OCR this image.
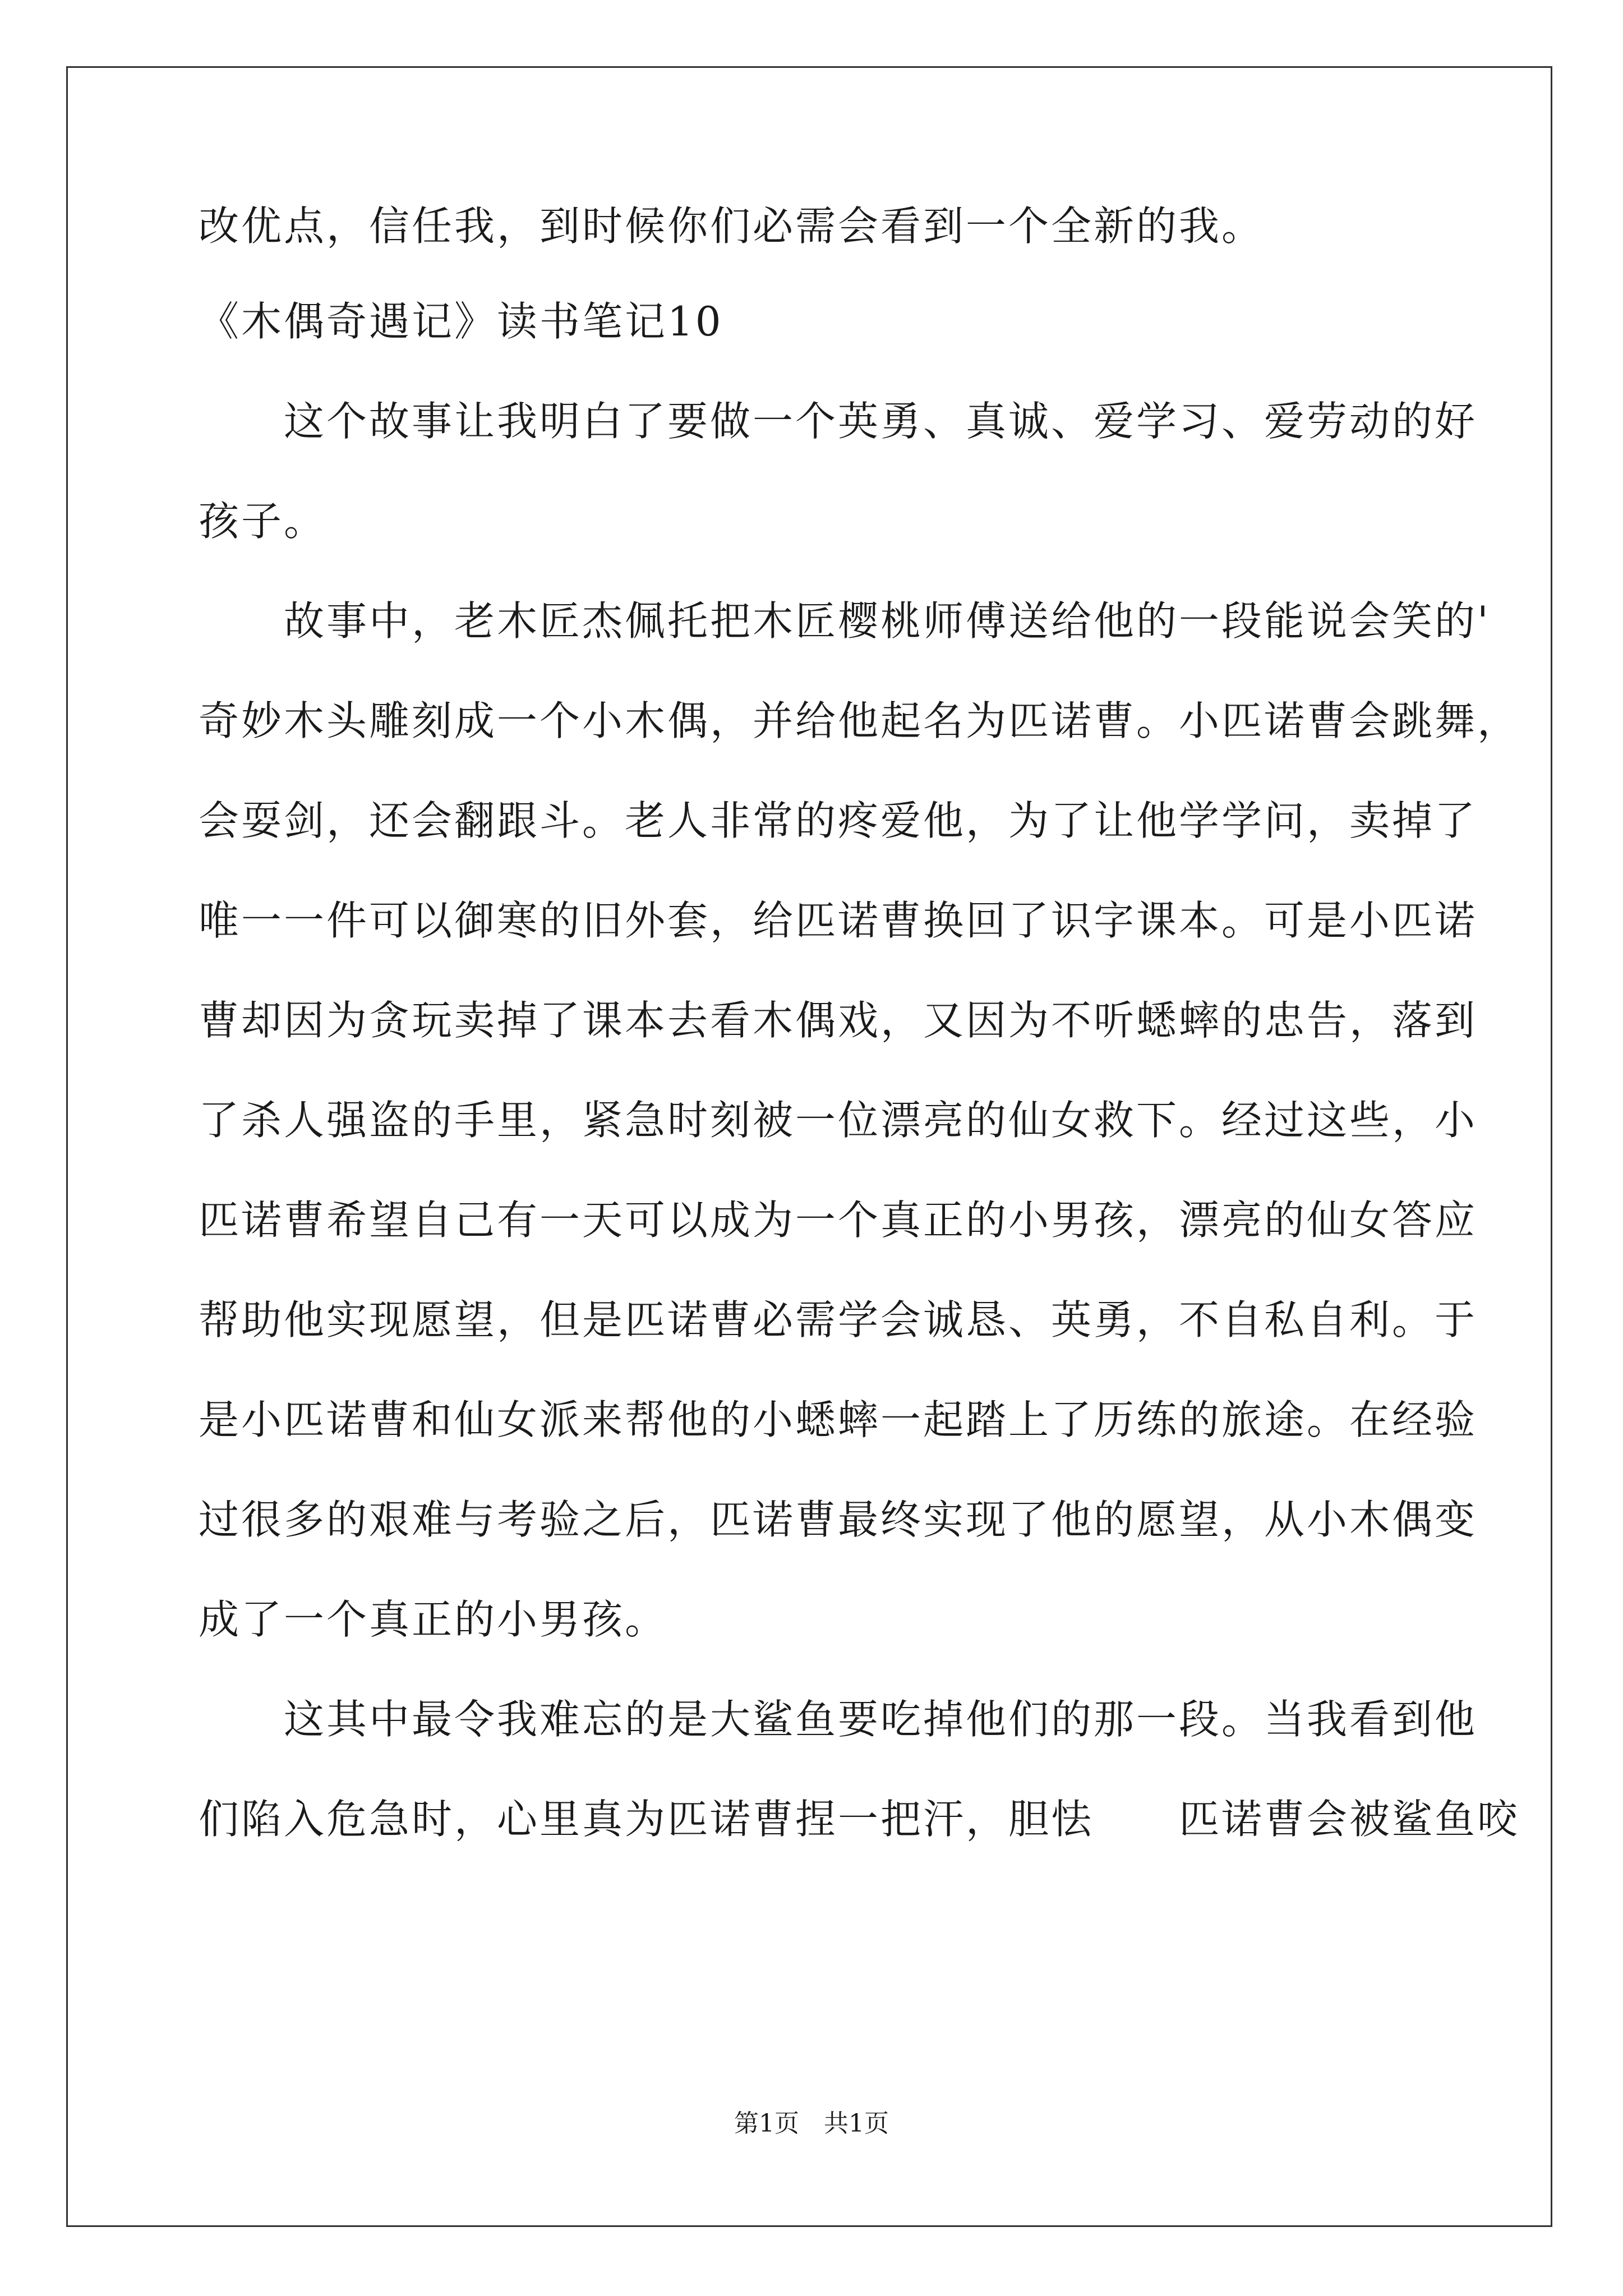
改优点，信任我，到时候你们必需会看到一个全新的我。
《木偶奇遇记》读书笔记10
　　这个故事让我明白了要做一个英勇、真诚、爱学习、爱劳动的好
孩子。
　　故事中，老木匠杰佩托把木匠樱桃师傅送给他的一段能说会笑的'
奇妙木头雕刻成一个小木偶，并给他起名为匹诺曹。小匹诺曹会跳舞，
会耍剑，还会翻跟斗。老人非常的疼爱他，为了让他学学问，卖掉了
唯一一件可以御寒的旧外套，给匹诺曹换回了识字课本。可是小匹诺
曹却因为贪玩卖掉了课本去看木偶戏，又因为不听蟋蟀的忠告，落到
了杀人强盗的手里，紧急时刻被一位漂亮的仙女救下。经过这些，小
匹诺曹希望自己有一天可以成为一个真正的小男孩，漂亮的仙女答应
帮助他实现愿望，但是匹诺曹必需学会诚恳、英勇，不自私自利。于
是小匹诺曹和仙女派来帮他的小蟋蟀一起踏上了历练的旅途。在经验
过很多的艰难与考验之后，匹诺曹最终实现了他的愿望，从小木偶变
成了一个真正的小男孩。
　　这其中最令我难忘的是大鲨鱼要吃掉他们的那一段。当我看到他
们陷入危急时，心里真为匹诺曹捏一把汗，胆怯　　匹诺曹会被鲨鱼咬
第1页 共1页
